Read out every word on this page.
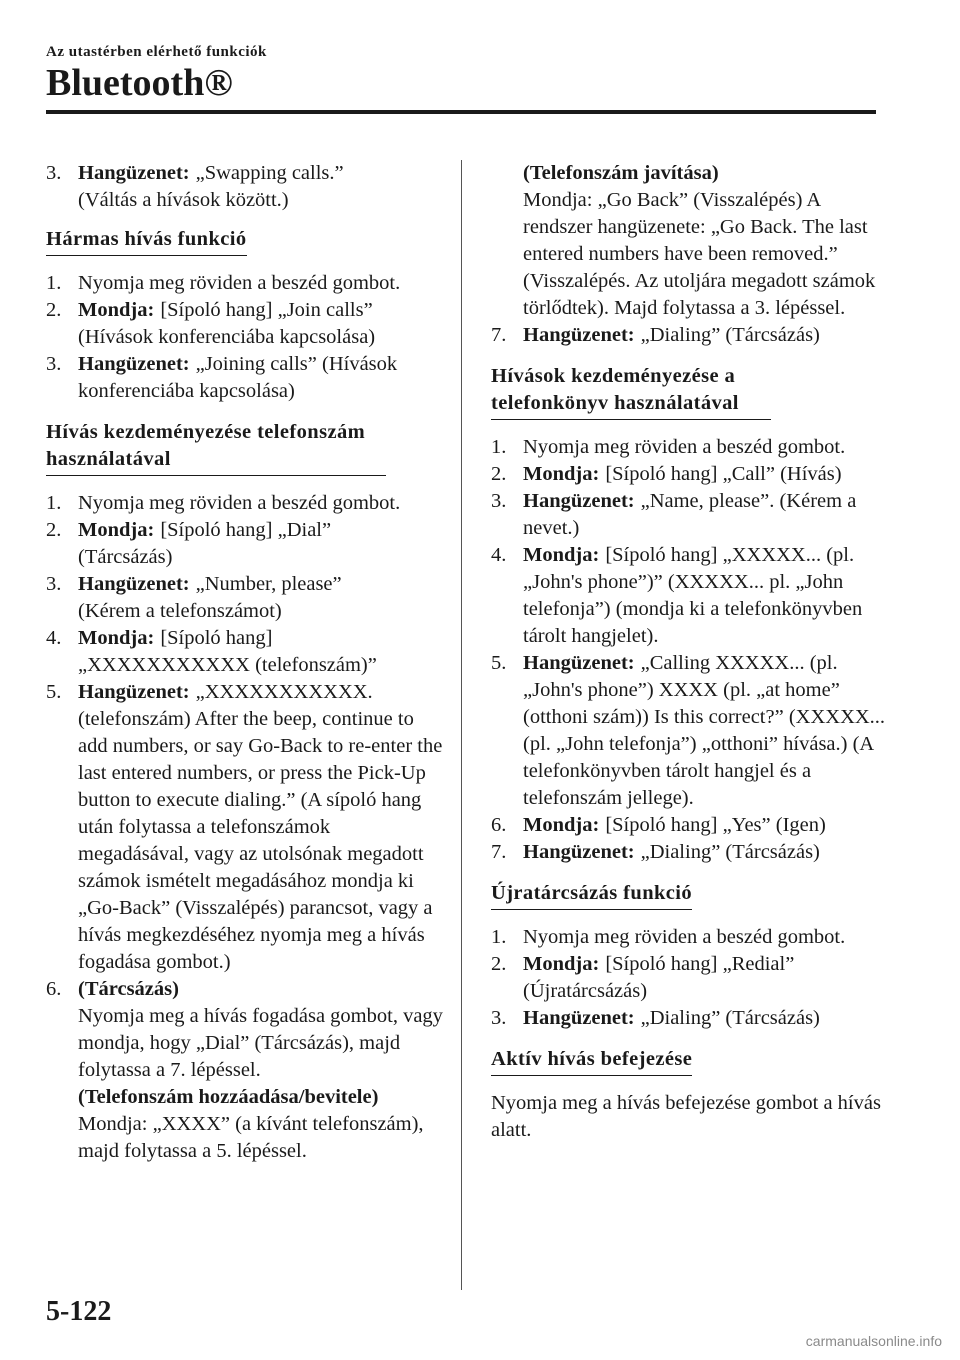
Az utastérben elérhető funkciók
Bluetooth®
3. Hangüzenet: „Swapping calls.”
(Váltás a hívások között.)
Hármas hívás funkció
1. Nyomja meg röviden a beszéd gombot.
2. Mondja: [Sípoló hang] „Join calls”
(Hívások konferenciába kapcsolása)
3. Hangüzenet: „Joining calls” (Hívások konferenciába kapcsolása)
Hívás kezdeményezése telefonszám használatával
1. Nyomja meg röviden a beszéd gombot.
2. Mondja: [Sípoló hang] „Dial”
(Tárcsázás)
3. Hangüzenet: „Number, please”
(Kérem a telefonszámot)
4. Mondja: [Sípoló hang]
„XXXXXXXXXXX (telefonszám)”
5. Hangüzenet: „XXXXXXXXXXX.
(telefonszám) After the beep, continue to add numbers, or say Go-Back to re-enter the last entered numbers, or press the Pick-Up button to execute dialing.” (A sípoló hang után folytassa a telefonszámok megadásával, vagy az utolsónak megadott számok ismételt megadásához mondja ki „Go-Back” (Visszalépés) parancsot, vagy a hívás megkezdéséhez nyomja meg a hívás fogadása gombot.)
6. (Tárcsázás)
Nyomja meg a hívás fogadása gombot, vagy mondja, hogy „Dial” (Tárcsázás), majd folytassa a 7. lépéssel.
(Telefonszám hozzáadása/bevitele)
Mondja: „XXXX” (a kívánt telefonszám), majd folytassa a 5. lépéssel.
(Telefonszám javítása)
Mondja: „Go Back” (Visszalépés) A rendszer hangüzenete: „Go Back. The last entered numbers have been removed.” (Visszalépés. Az utoljára megadott számok törlődtek). Majd folytassa a 3. lépéssel.
7. Hangüzenet: „Dialing” (Tárcsázás)
Hívások kezdeményezése a telefonkönyv használatával
1. Nyomja meg röviden a beszéd gombot.
2. Mondja: [Sípoló hang] „Call” (Hívás)
3. Hangüzenet: „Name, please”. (Kérem a nevet.)
4. Mondja: [Sípoló hang] „XXXXX... (pl. „John's phone”)” (XXXXX... pl. „John telefonja”) (mondja ki a telefonkönyvben tárolt hangjelet).
5. Hangüzenet: „Calling XXXXX... (pl. „John's phone”) XXXX (pl. „at home” (otthoni szám)) Is this correct?” (XXXXX... (pl. „John telefonja”) „otthoni” hívása.) (A telefonkönyvben tárolt hangjel és a telefonszám jellege).
6. Mondja: [Sípoló hang] „Yes” (Igen)
7. Hangüzenet: „Dialing” (Tárcsázás)
Újratárcsázás funkció
1. Nyomja meg röviden a beszéd gombot.
2. Mondja: [Sípoló hang] „Redial”
(Újratárcsázás)
3. Hangüzenet: „Dialing” (Tárcsázás)
Aktív hívás befejezése

Nyomja meg a hívás befejezése gombot a hívás alatt.

5-122
carmanualsonline.info
